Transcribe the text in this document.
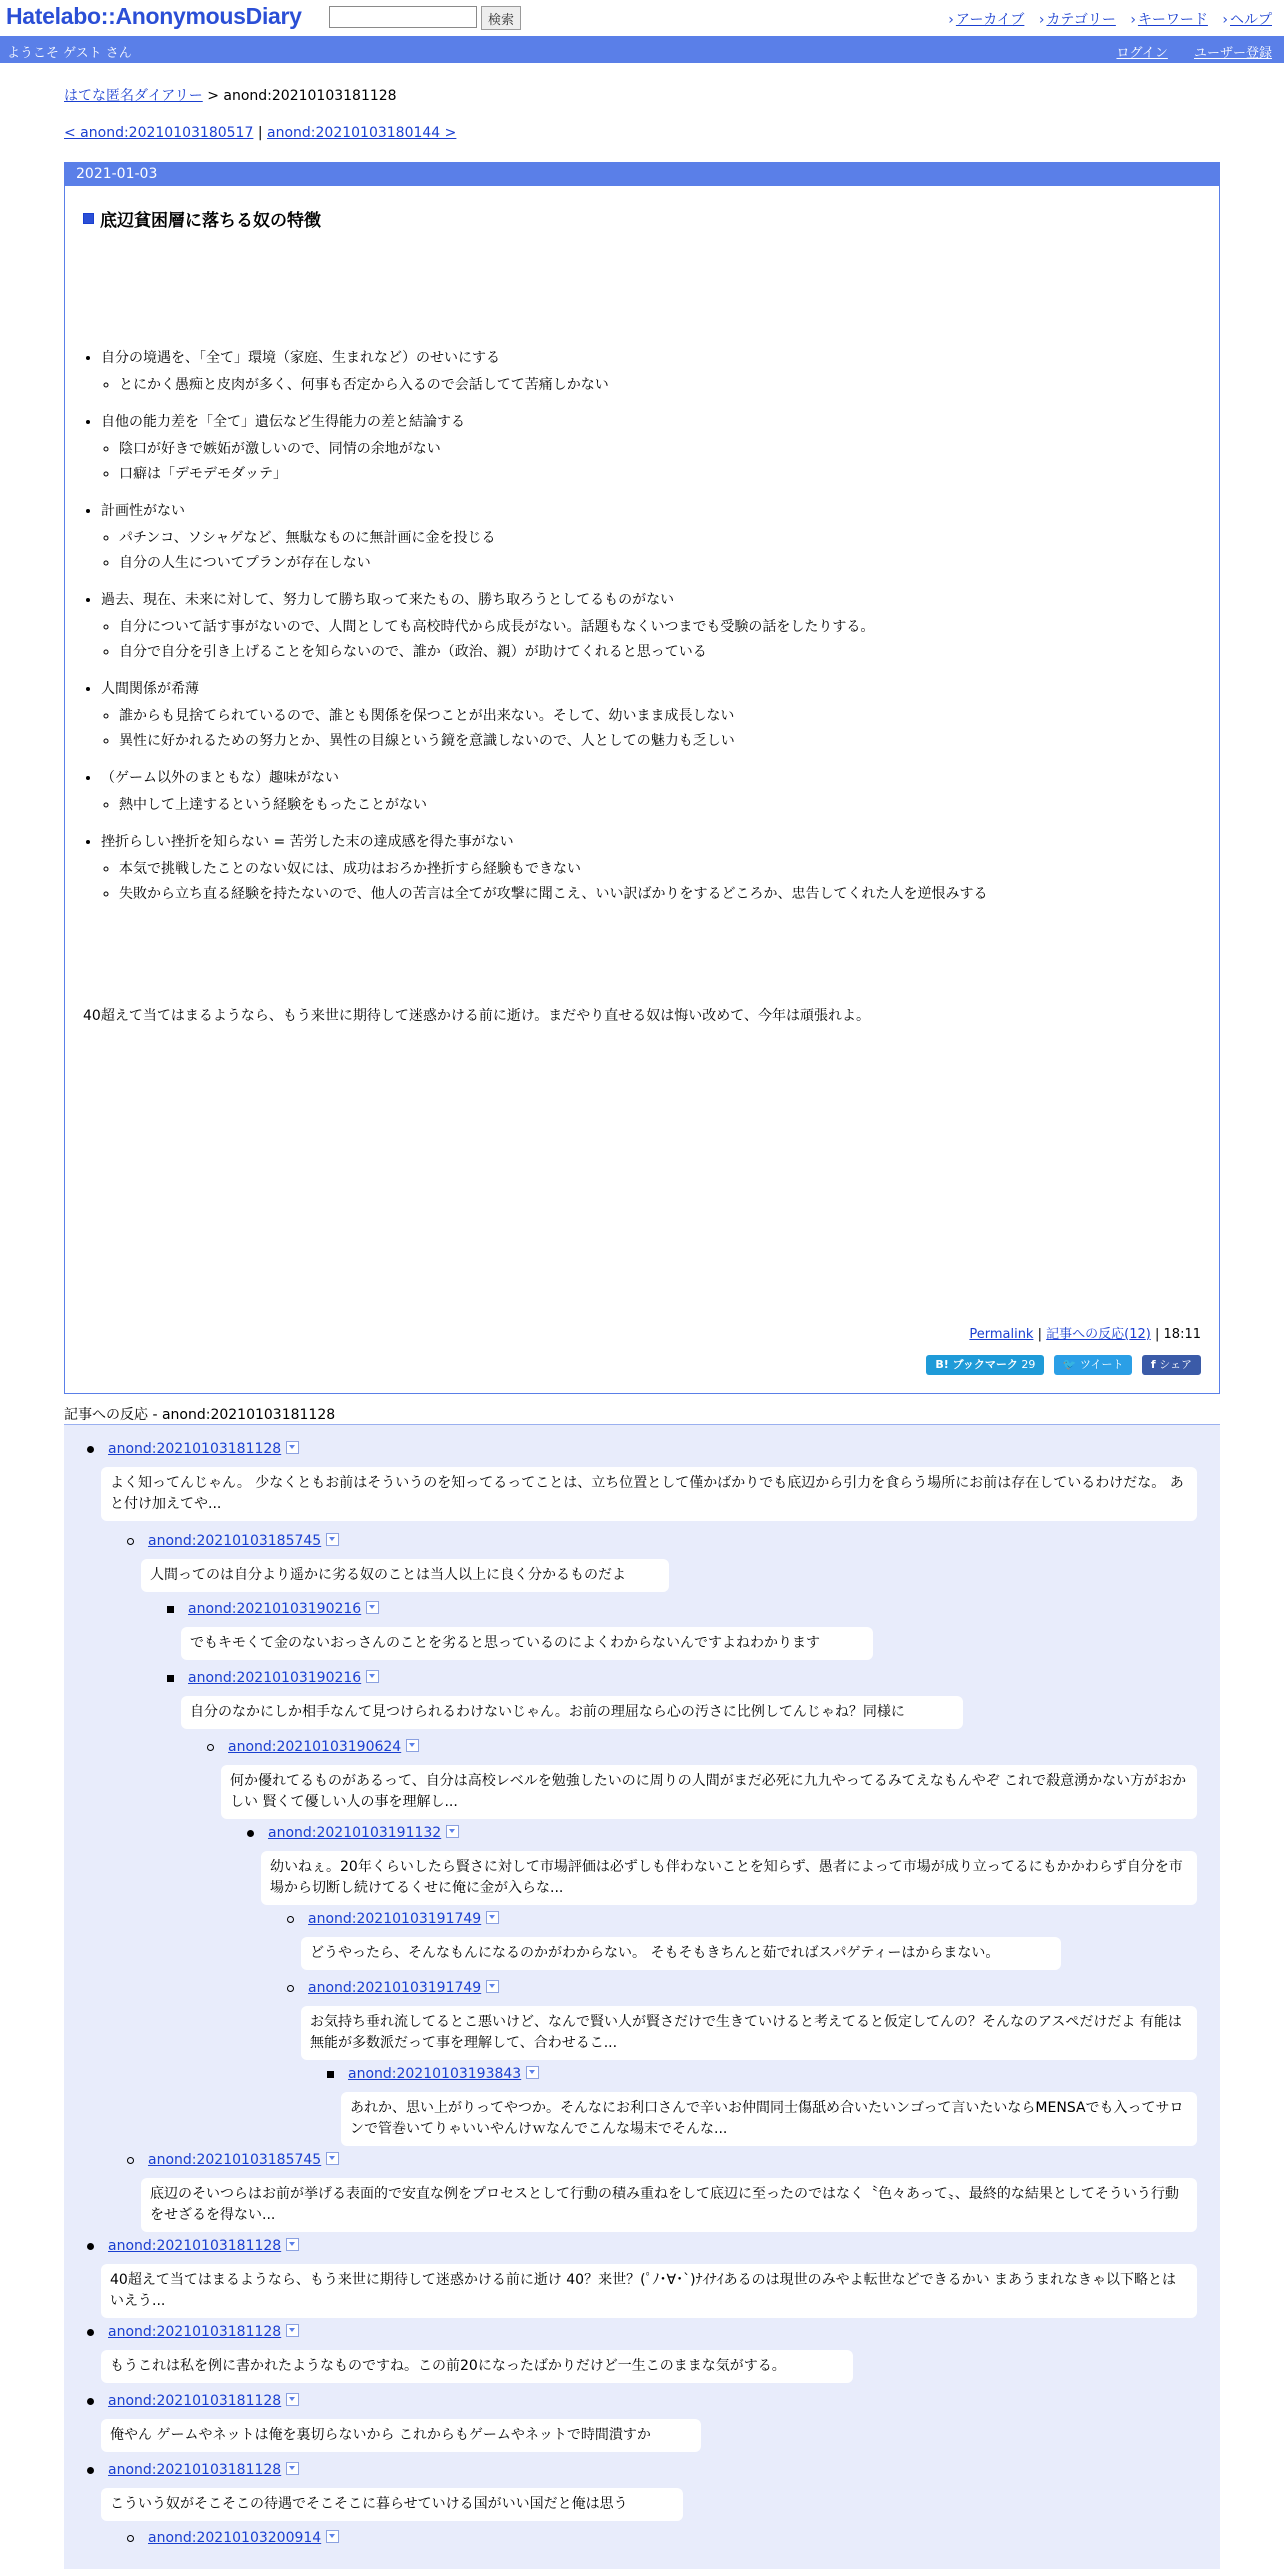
Hatelabo::AnonymousDiary	検索	› アーカイブ › カテゴリー › キーワード › ヘルプ
ようこそ ゲスト さん	ログイン ユーザー登録
はてな匿名ダイアリー > anond:20210103181128
< anond:20210103180517 | anond:20210103180144 >
2021-01-03
底辺貧困層に落ちる奴の特徴
• 自分の境遇を、「全て」環境（家庭、生まれなど）のせいにする
◦ とにかく愚痴と皮肉が多く、何事も否定から入るので会話してて苦痛しかない
• 自他の能力差を「全て」遺伝など生得能力の差と結論する
◦ 陰口が好きで嫉妬が激しいので、同情の余地がない
◦ 口癖は「デモデモダッテ」
• 計画性がない
◦ パチンコ、ソシャゲなど、無駄なものに無計画に金を投じる
◦ 自分の人生についてプランが存在しない
• 過去、現在、未来に対して、努力して勝ち取って来たもの、勝ち取ろうとしてるものがない
◦ 自分について話す事がないので、人間としても高校時代から成長がない。話題もなくいつまでも受験の話をしたりする。
◦ 自分で自分を引き上げることを知らないので、誰か（政治、親）が助けてくれると思っている
• 人間関係が希薄
◦ 誰からも見捨てられているので、誰とも関係を保つことが出来ない。そして、幼いまま成長しない
◦ 異性に好かれるための努力とか、異性の目線という鏡を意識しないので、人としての魅力も乏しい
• （ゲーム以外のまともな）趣味がない
◦ 熱中して上達するという経験をもったことがない
• 挫折らしい挫折を知らない = 苦労した末の達成感を得た事がない
◦ 本気で挑戦したことのない奴には、成功はおろか挫折すら経験もできない
◦ 失敗から立ち直る経験を持たないので、他人の苦言は全てが攻撃に聞こえ、いい訳ばかりをするどころか、忠告してくれた人を逆恨みする
40超えて当てはまるようなら、もう来世に期待して迷惑かける前に逝け。まだやり直せる奴は悔い改めて、今年は頑張れよ。
Permalink | 記事への反応(12) | 18:11
B! ブックマーク 29 🐦 ツイート f シェア
記事への反応 - anond:20210103181128
anond:20210103181128
よく知ってんじゃん。 少なくともお前はそういうのを知ってるってことは、立ち位置として僅かばかりでも底辺から引力を食らう場所にお前は存在しているわけだな。 あと付け加えてや...
anond:20210103185745
人間ってのは自分より遥かに劣る奴のことは当人以上に良く分かるものだよ
anond:20210103190216
でもキモくて金のないおっさんのことを劣ると思っているのによくわからないんですよねわかります
anond:20210103190216
自分のなかにしか相手なんて見つけられるわけないじゃん。お前の理屈なら心の汚さに比例してんじゃね？同様に
anond:20210103190624
何か優れてるものがあるって、自分は高校レベルを勉強したいのに周りの人間がまだ必死に九九やってるみてえなもんやぞ これで殺意湧かない方がおかしい 賢くて優しい人の事を理解し...
anond:20210103191132
幼いねぇ。20年くらいしたら賢さに対して市場評価は必ずしも伴わないことを知らず、愚者によって市場が成り立ってるにもかかわらず自分を市場から切断し続けてるくせに俺に金が入らな...
anond:20210103191749
どうやったら、そんなもんになるのかがわからない。 そもそもきちんと茹でればスパゲティーはからまない。
anond:20210103191749
お気持ち垂れ流してるとこ悪いけど、なんで賢い人が賢さだけで生きていけると考えてると仮定してんの？そんなのアスペだけだよ 有能は無能が多数派だって事を理解して、合わせるこ...
anond:20210103193843
あれか、思い上がりってやつか。そんなにお利口さんで辛いお仲間同士傷舐め合いたいンゴって言いたいならMENSAでも入ってサロンで管巻いてりゃいいやんけｗなんでこんな場末でそんな...
anond:20210103185745
底辺のそいつらはお前が挙げる表面的で安直な例をプロセスとして行動の積み重ねをして底辺に至ったのではなく〝色々あって〟、最終的な結果としてそういう行動をせざるを得ない...
anond:20210103181128
40超えて当てはまるようなら、もう来世に期待して迷惑かける前に逝け 40？来世？(ﾟﾉ･∀･`)ﾅｲﾅｲあるのは現世のみやよ転世などできるかい まあうまれなきゃ以下略とはいえう...
anond:20210103181128
もうこれは私を例に書かれたようなものですね。この前20になったばかりだけど一生このままな気がする。
anond:20210103181128
俺やん ゲームやネットは俺を裏切らないから これからもゲームやネットで時間潰すか
anond:20210103181128
こういう奴がそこそこの待遇でそこそこに暮らせていける国がいい国だと俺は思う
anond:20210103200914
